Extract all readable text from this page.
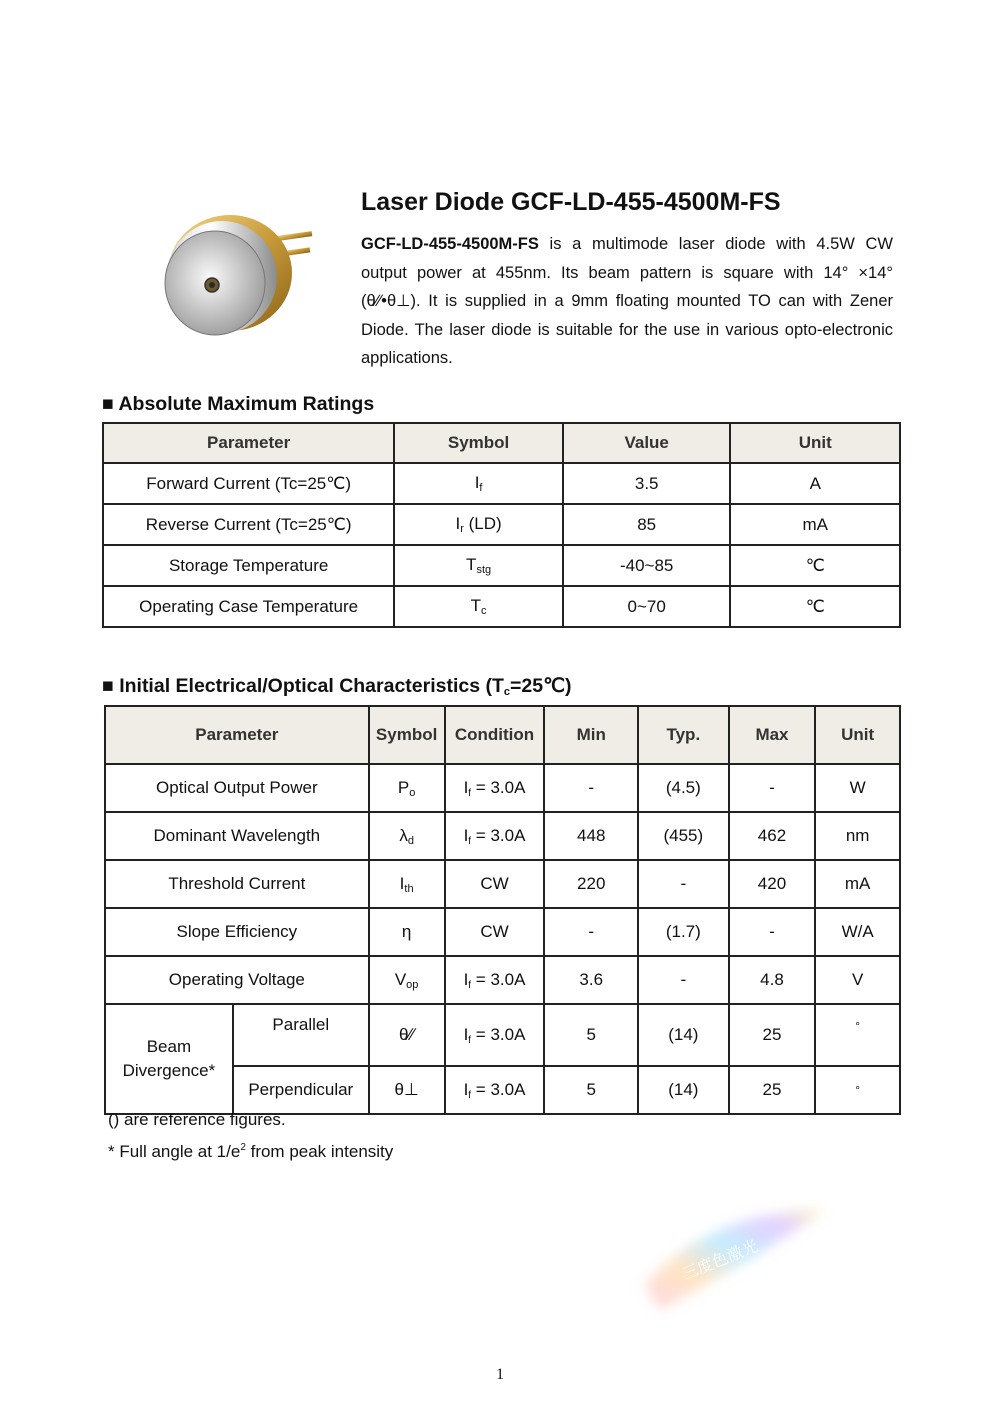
Laser Diode GCF-LD-455-4500M-FS
GCF-LD-455-4500M-FS is a multimode laser diode with 4.5W CW output power at 455nm. Its beam pattern is square with 14° ×14° (θ∕∕•θ⊥). It is supplied in a 9mm floating mounted TO can with Zener Diode. The laser diode is suitable for the use in various opto-electronic applications.
■ Absolute Maximum Ratings
Parameter	Symbol	Value	Unit
Forward Current (Tc=25℃)	$I_f$	3.5	A
Reverse Current (Tc=25℃)	$I_r$ (LD)	85	mA
Storage Temperature	$T_{stg}$	-40~85	℃
Operating Case Temperature	$T_c$	0~70	℃
■ Initial Electrical/Optical Characteristics $(T_c=25℃)$
Parameter		Symbol	Condition	Min	Typ.	Max	Unit
Optical Output Power		$P_o$	$I_f = 3.0A$	-	(4.5)	-	W
Dominant Wavelength		$\lambda_d$	$I_f = 3.0A$	448	(455)	462	nm
Threshold Current		$I_{th}$	CW	220	-	420	mA
Slope Efficiency		η	CW	-	(1.7)	-	W/A
Operating Voltage		$V_{op}$	$I_f = 3.0A$	3.6	-	4.8	V
Beam Divergence*	Parallel	θ∕∕	$I_f = 3.0A$	5	(14)	25	°
	Perpendicular	θ⊥	$I_f = 3.0A$	5	(14)	25	°
() are reference figures.
* Full angle at $1/e^2$ from peak intensity
三度色激光
1
